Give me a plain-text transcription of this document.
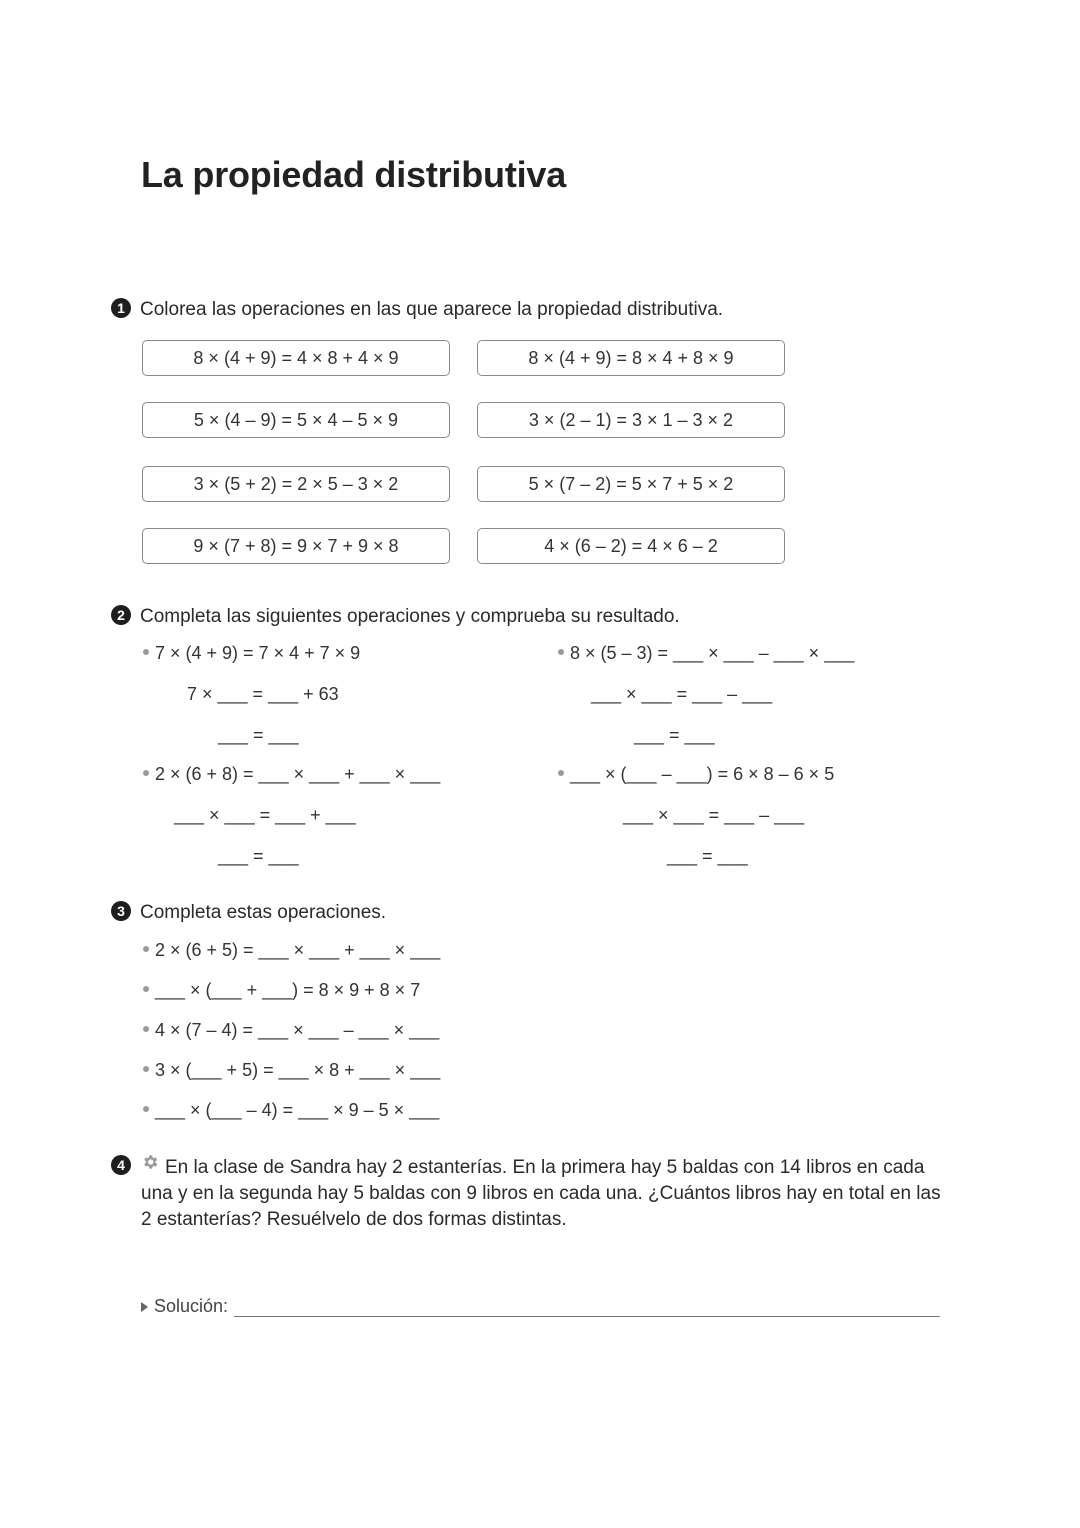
La propiedad distributiva
1 Colorea las operaciones en las que aparece la propiedad distributiva.
8 × (4 + 9) = 4 × 8 + 4 × 9	8 × (4 + 9) = 8 × 4 + 8 × 9
5 × (4 – 9) = 5 × 4 – 5 × 9	3 × (2 – 1) = 3 × 1 – 3 × 2
3 × (5 + 2) = 2 × 5 – 3 × 2	5 × (7 – 2) = 5 × 7 + 5 × 2
9 × (7 + 8) = 9 × 7 + 9 × 8	4 × (6 – 2) = 4 × 6 – 2
2 Completa las siguientes operaciones y comprueba su resultado.
7 × (4 + 9) = 7 × 4 + 7 × 9
7 × ___ = ___ + 63
___ = ___
8 × (5 – 3) = ___ × ___ – ___ × ___
___ × ___ = ___ – ___
___ = ___
2 × (6 + 8) = ___ × ___ + ___ × ___
___ × ___ = ___ + ___
___ = ___
___ × (___ – ___) = 6 × 8 – 6 × 5
___ × ___ = ___ – ___
___ = ___
3 Completa estas operaciones.
2 × (6 + 5) = ___ × ___ + ___ × ___
___ × (___ + ___) = 8 × 9 + 8 × 7
4 × (7 – 4) = ___ × ___ – ___ × ___
3 × (___ + 5) = ___ × 8 + ___ × ___
___ × (___ – 4) = ___ × 9 – 5 × ___
4	En la clase de Sandra hay 2 estanterías. En la primera hay 5 baldas con 14 libros en cada una y en la segunda hay 5 baldas con 9 libros en cada una. ¿Cuántos libros hay en total en las 2 estanterías? Resuélvelo de dos formas distintas.
Solución:
